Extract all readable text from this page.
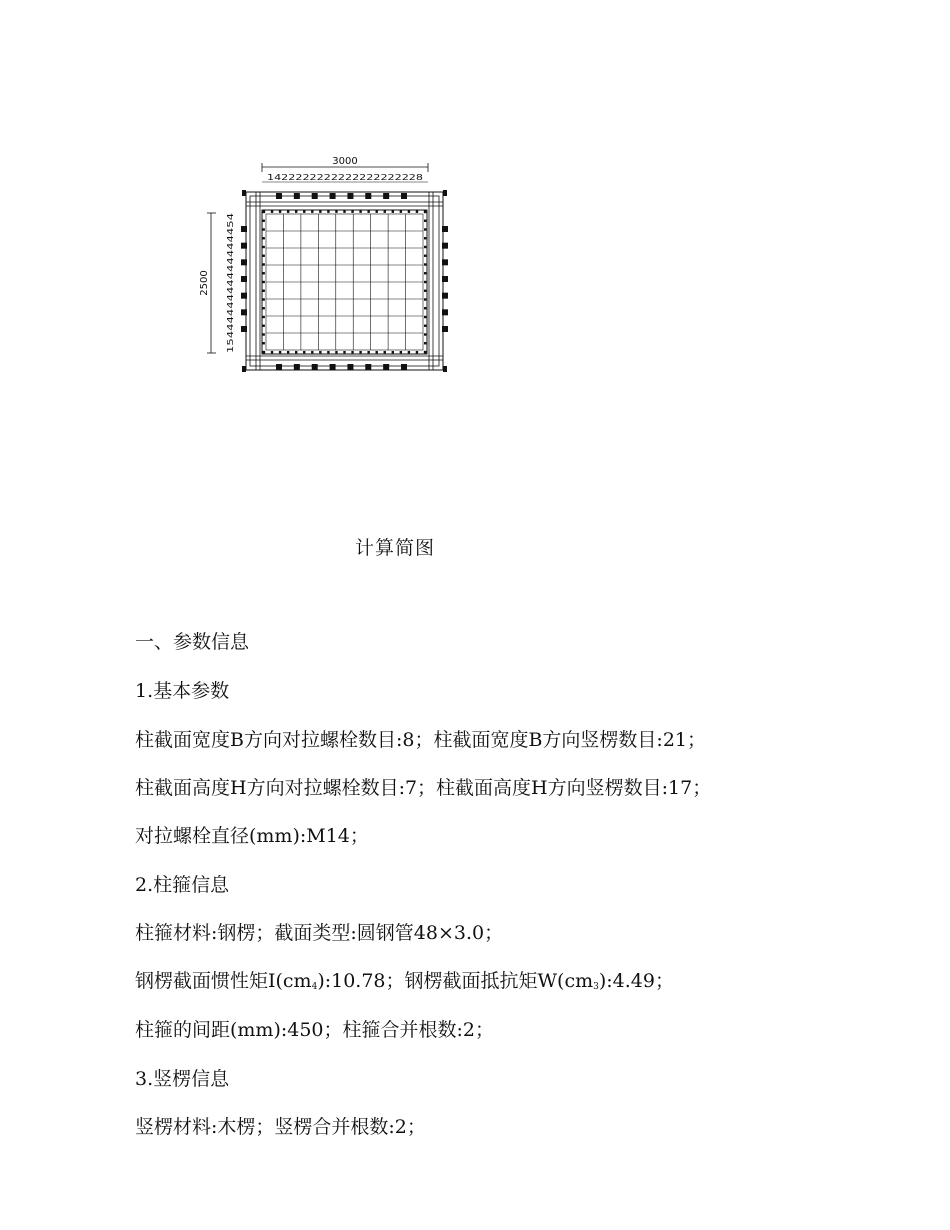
3000
1422222222222222222228
2500 1544444444444444454
计算简图
一、参数信息
1.基本参数
柱截面宽度B方向对拉螺栓数目:8；柱截面宽度B方向竖楞数目:21；
柱截面高度H方向对拉螺栓数目:7；柱截面高度H方向竖楞数目:17；
对拉螺栓直径(mm):M14；
2.柱箍信息
柱箍材料:钢楞；截面类型:圆钢管48×3.0；
钢楞截面惯性矩$I(cm_4):10.78$；钢楞截面抵抗矩$W(cm_3):4.49$；
柱箍的间距(mm):450；柱箍合并根数:2；
3.竖楞信息
竖楞材料:木楞；竖楞合并根数:2；
